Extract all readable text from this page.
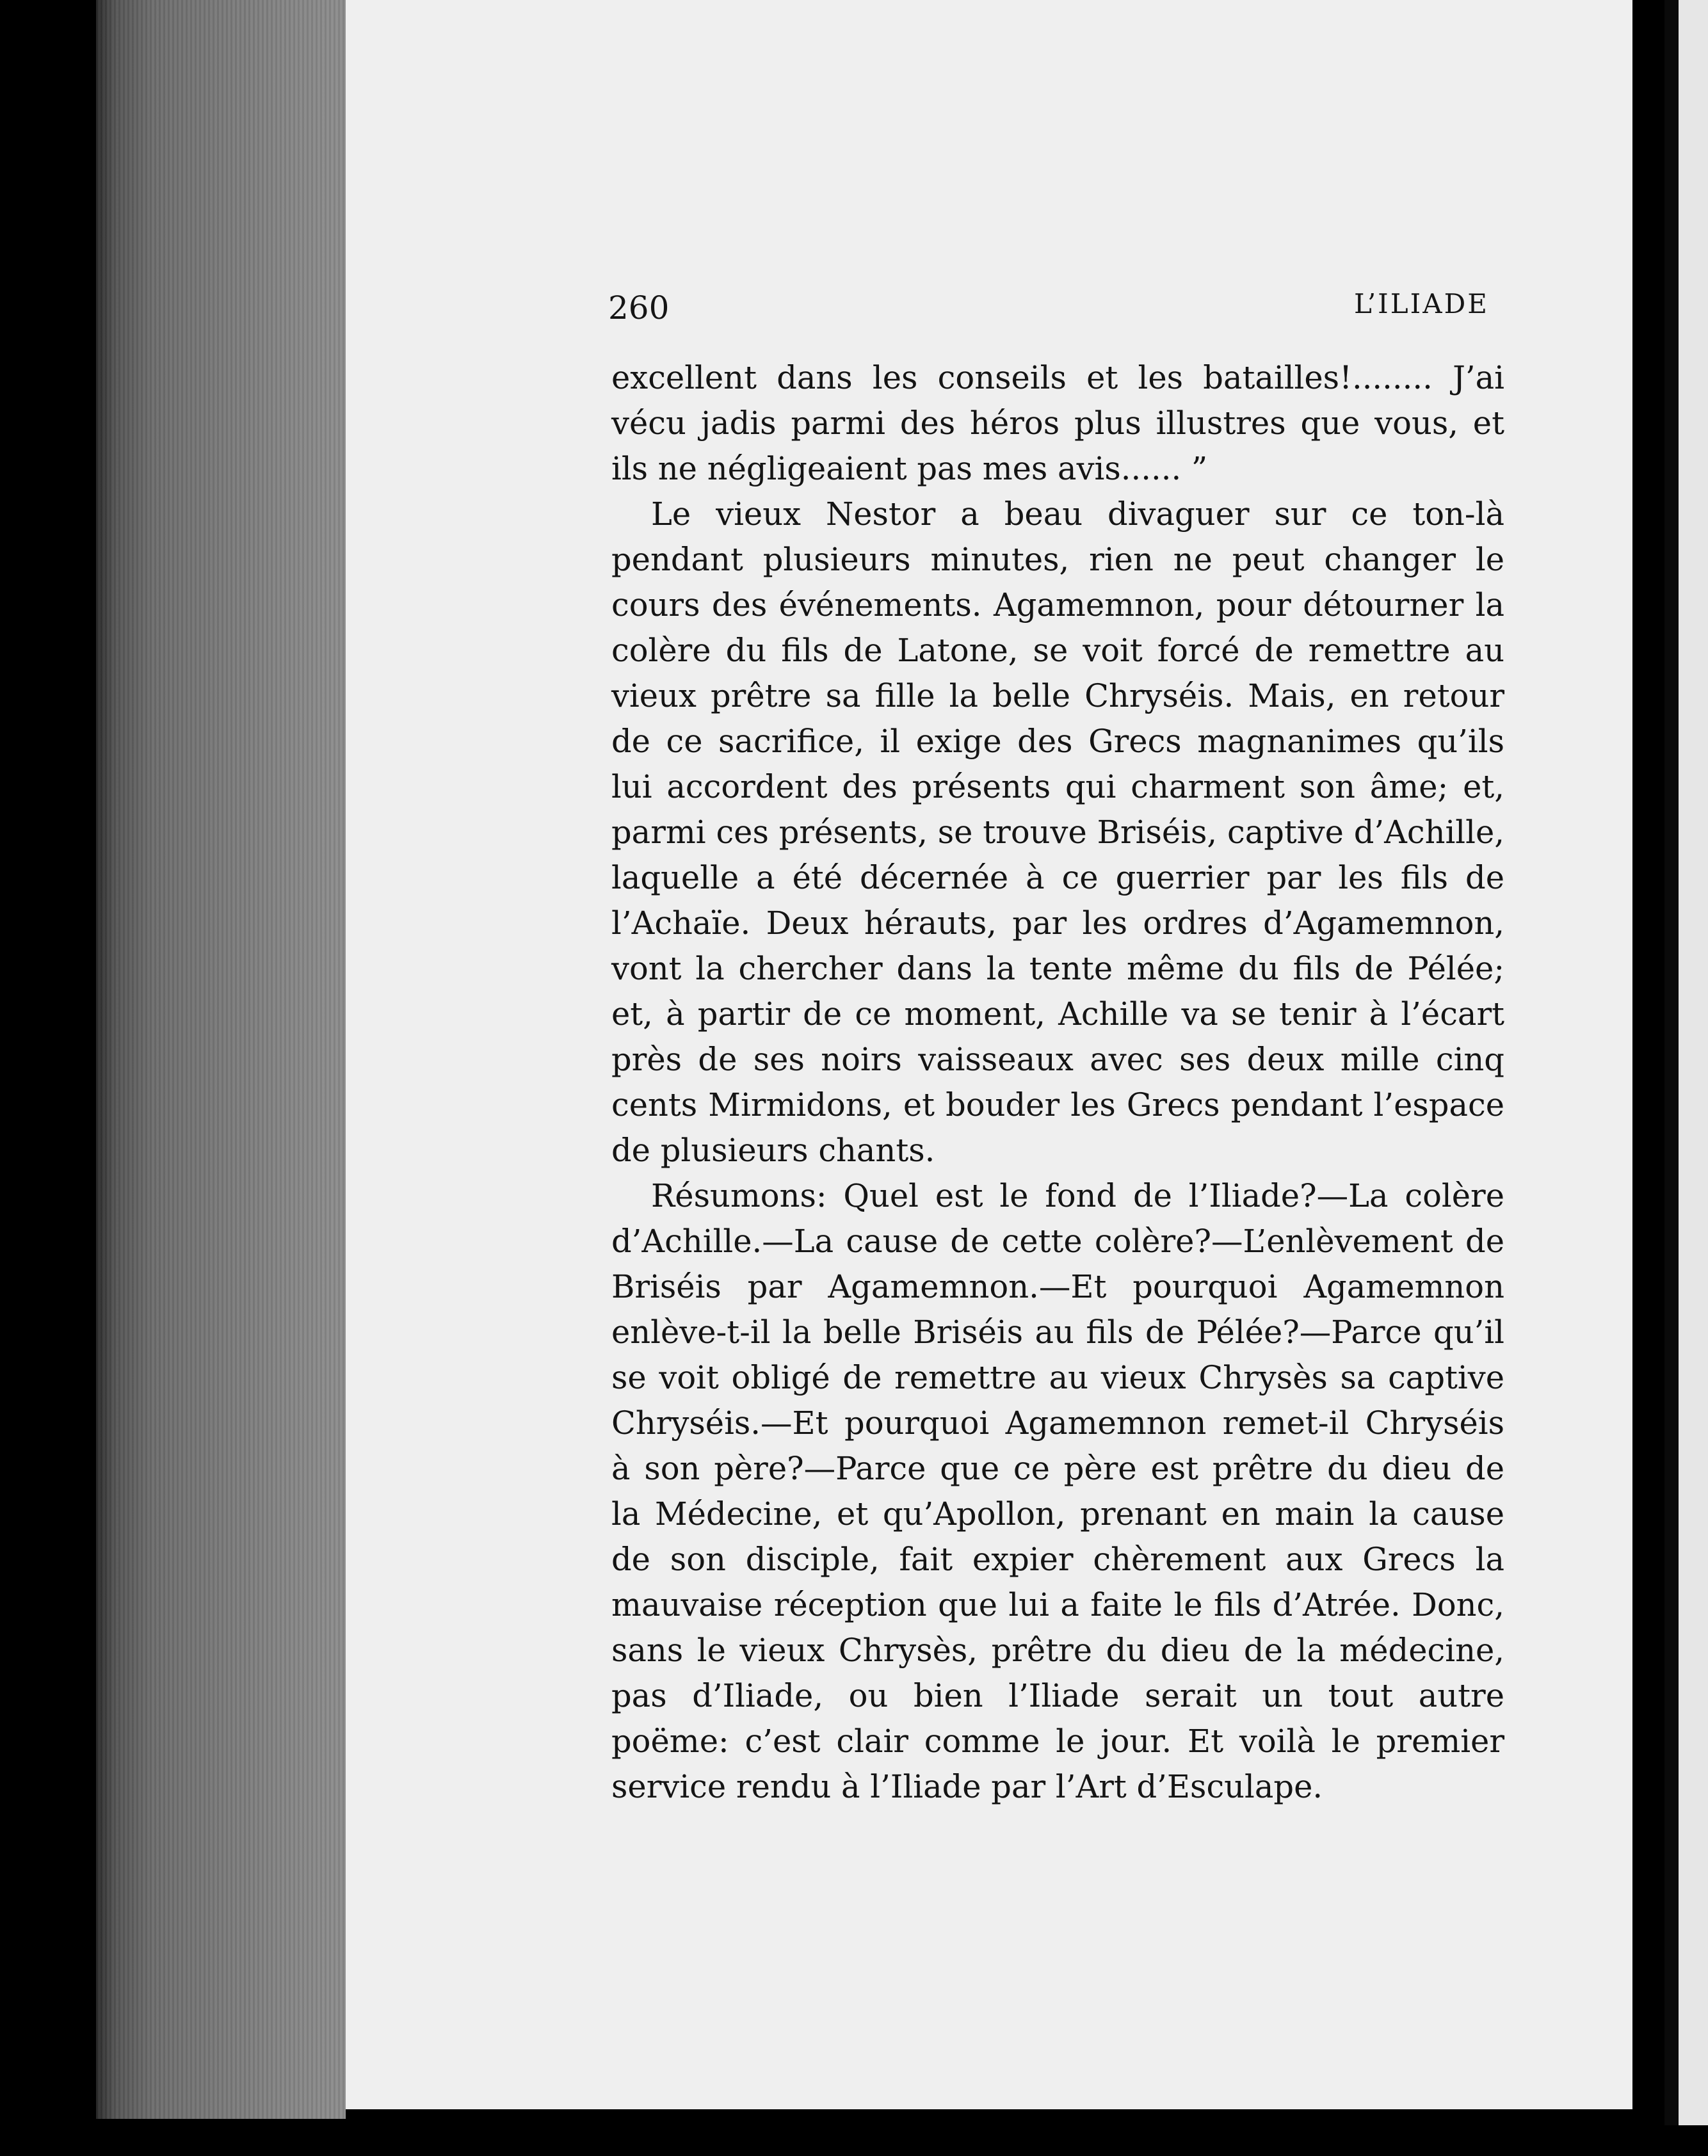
260	L’ILIADE

excellent dans les conseils et les batailles!........ J’ai vécu jadis parmi des héros plus illustres que vous, et ils ne négligeaient pas mes avis...... ”

Le vieux Nestor a beau divaguer sur ce ton-là pendant plusieurs minutes, rien ne peut changer le cours des événements. Agamemnon, pour détourner la colère du fils de Latone, se voit forcé de remettre au vieux prêtre sa fille la belle Chryséis. Mais, en retour de ce sacrifice, il exige des Grecs magnanimes qu’ils lui accordent des présents qui charment son âme; et, parmi ces présents, se trouve Briséis, captive d’Achille, laquelle a été décernée à ce guerrier par les fils de l’Achaïe. Deux hérauts, par les ordres d’Agamemnon, vont la chercher dans la tente même du fils de Pélée; et, à partir de ce moment, Achille va se tenir à l’écart près de ses noirs vaisseaux avec ses deux mille cinq cents Mirmidons, et bouder les Grecs pendant l’espace de plusieurs chants.

Résumons: Quel est le fond de l’Iliade?—La colère d’Achille.—La cause de cette colère?—L’enlèvement de Briséis par Agamemnon.—Et pourquoi Agamemnon enlève-t-il la belle Briséis au fils de Pélée?—Parce qu’il se voit obligé de remettre au vieux Chrysès sa captive Chryséis.—Et pourquoi Agamemnon remet-il Chryséis à son père?—Parce que ce père est prêtre du dieu de la Médecine, et qu’Apollon, prenant en main la cause de son disciple, fait expier chèrement aux Grecs la mauvaise réception que lui a faite le fils d’Atrée. Donc, sans le vieux Chrysès, prêtre du dieu de la médecine, pas d’Iliade, ou bien l’Iliade serait un tout autre poëme: c’est clair comme le jour. Et voilà le premier service rendu à l’Iliade par l’Art d’Esculape.
